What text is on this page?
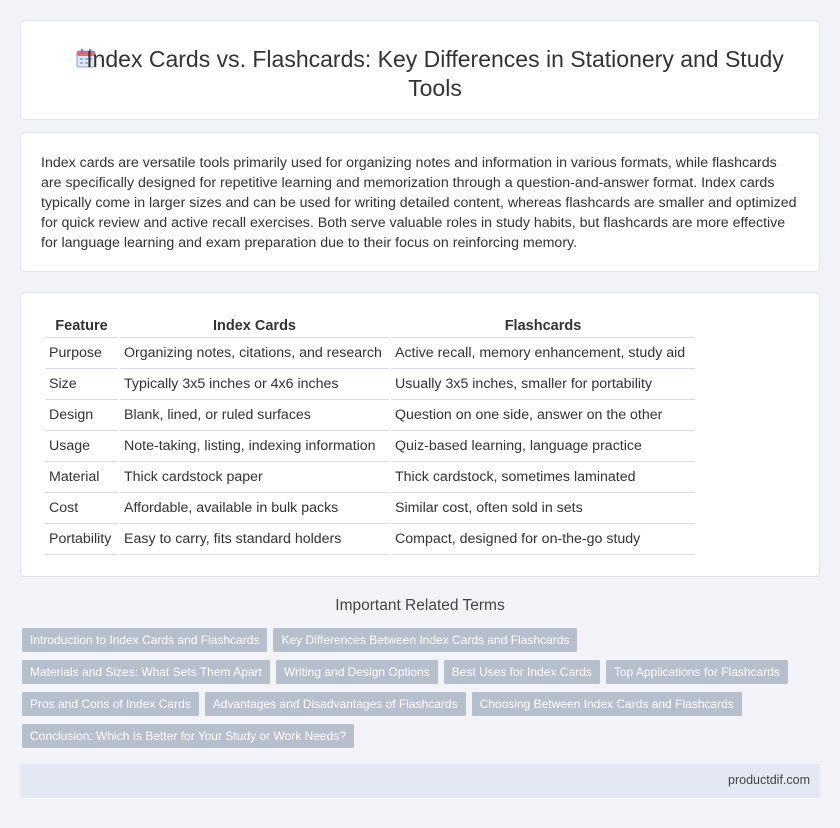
Index Cards vs. Flashcards: Key Differences in Stationery and Study Tools

Index cards are versatile tools primarily used for organizing notes and information in various formats, while flashcards are specifically designed for repetitive learning and memorization through a question-and-answer format. Index cards typically come in larger sizes and can be used for writing detailed content, whereas flashcards are smaller and optimized for quick review and active recall exercises. Both serve valuable roles in study habits, but flashcards are more effective for language learning and exam preparation due to their focus on reinforcing memory.

Feature	Index Cards	Flashcards
Purpose	Organizing notes, citations, and research	Active recall, memory enhancement, study aid
Size	Typically 3x5 inches or 4x6 inches	Usually 3x5 inches, smaller for portability
Design	Blank, lined, or ruled surfaces	Question on one side, answer on the other
Usage	Note-taking, listing, indexing information	Quiz-based learning, language practice
Material	Thick cardstock paper	Thick cardstock, sometimes laminated
Cost	Affordable, available in bulk packs	Similar cost, often sold in sets
Portability	Easy to carry, fits standard holders	Compact, designed for on-the-go study
Important Related Terms
Introduction to Index Cards and Flashcards	Key Differences Between Index Cards and Flashcards
Materials and Sizes: What Sets Them Apart	Writing and Design Options	Best Uses for Index Cards	Top Applications for Flashcards
Pros and Cons of Index Cards	Advantages and Disadvantages of Flashcards	Choosing Between Index Cards and Flashcards
Conclusion: Which Is Better for Your Study or Work Needs?
productdif.com
